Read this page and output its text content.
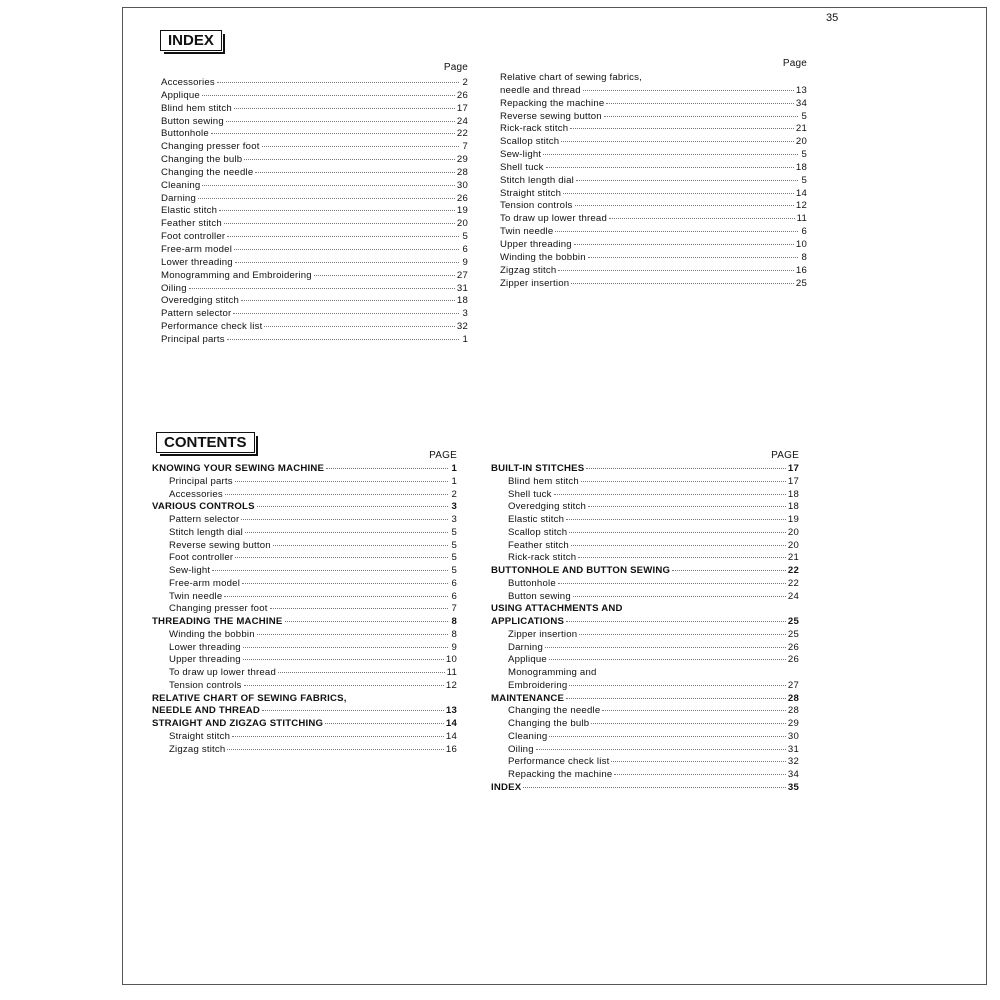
35
INDEX
Page
Accessories	2
Applique	26
Blind hem stitch	17
Button sewing	24
Buttonhole	22
Changing presser foot	7
Changing the bulb	29
Changing the needle	28
Cleaning	30
Darning	26
Elastic stitch	19
Feather stitch	20
Foot controller	5
Free-arm model	6
Lower threading	9
Monogramming and Embroidering	27
Oiling	31
Overedging stitch	18
Pattern selector	3
Performance check list	32
Principal parts	1
Page
Relative chart of sewing fabrics,
needle and thread	13
Repacking the machine	34
Reverse sewing button	5
Rick-rack stitch	21
Scallop stitch	20
Sew-light	5
Shell tuck	18
Stitch length dial	5
Straight stitch	14
Tension controls	12
To draw up lower thread	11
Twin needle	6
Upper threading	10
Winding the bobbin	8
Zigzag stitch	16
Zipper insertion	25
CONTENTS
PAGE
KNOWING YOUR SEWING MACHINE	1
Principal parts	1
Accessories	2
VARIOUS CONTROLS	3
Pattern selector	3
Stitch length dial	5
Reverse sewing button	5
Foot controller	5
Sew-light	5
Free-arm model	6
Twin needle	6
Changing presser foot	7
THREADING THE MACHINE	8
Winding the bobbin	8
Lower threading	9
Upper threading	10
To draw up lower thread	11
Tension controls	12
RELATIVE CHART OF SEWING FABRICS,
NEEDLE AND THREAD	13
STRAIGHT AND ZIGZAG STITCHING	14
Straight stitch	14
Zigzag stitch	16
PAGE
BUILT-IN STITCHES	17
Blind hem stitch	17
Shell tuck	18
Overedging stitch	18
Elastic stitch	19
Scallop stitch	20
Feather stitch	20
Rick-rack stitch	21
BUTTONHOLE AND BUTTON SEWING	22
Buttonhole	22
Button sewing	24
USING ATTACHMENTS AND
APPLICATIONS	25
Zipper insertion	25
Darning	26
Applique	26
Monogramming and
Embroidering	27
MAINTENANCE	28
Changing the needle	28
Changing the bulb	29
Cleaning	30
Oiling	31
Performance check list	32
Repacking the machine	34
INDEX	35
